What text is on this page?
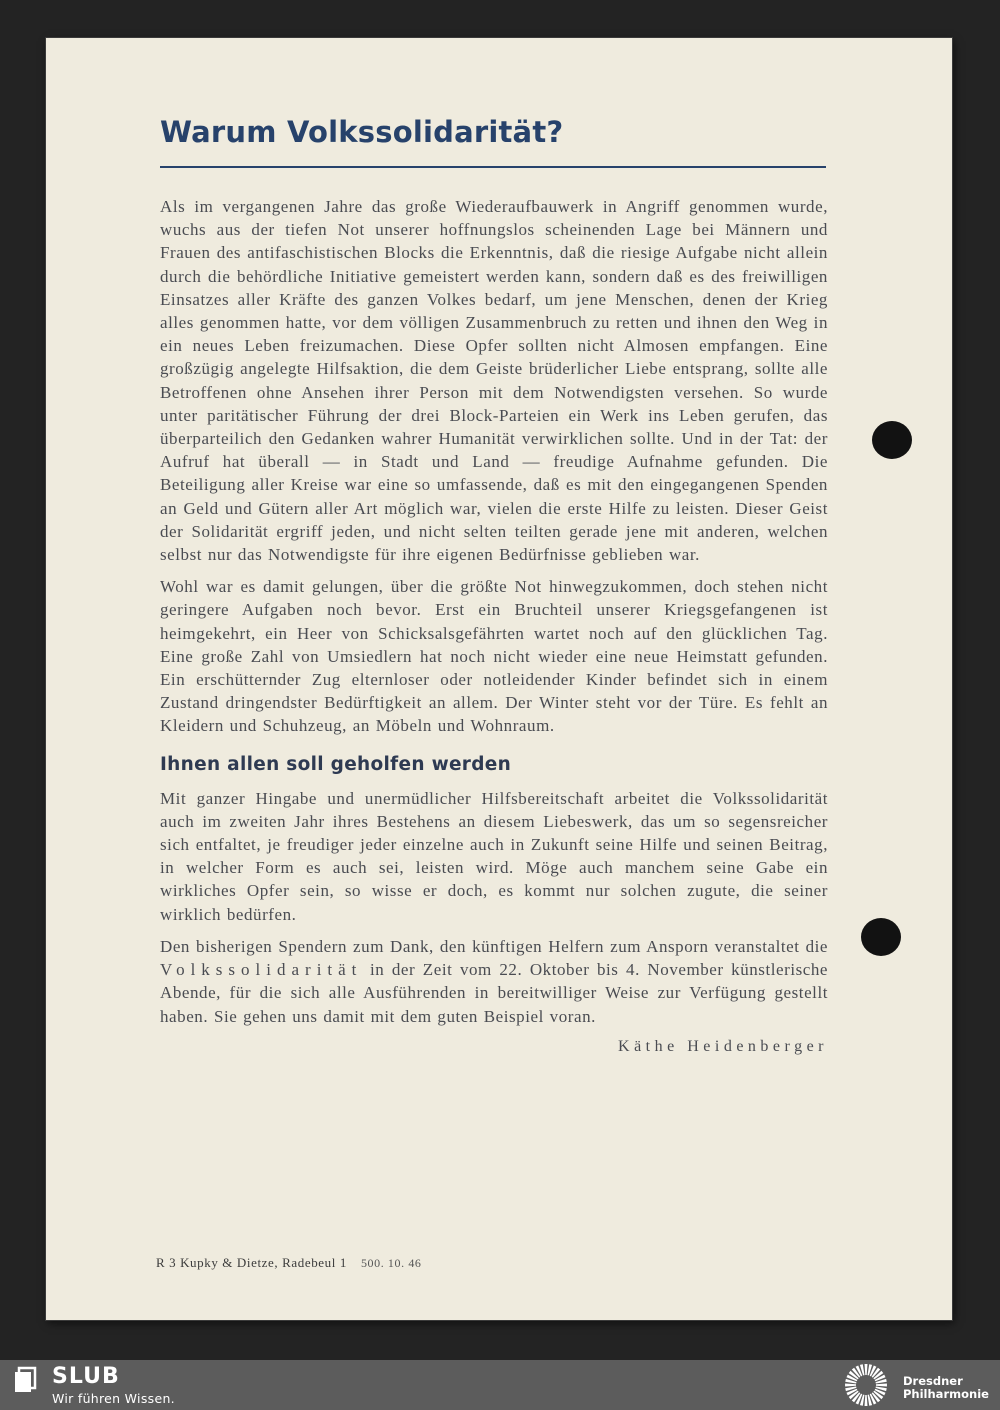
Warum Volkssolidarität?

Als im vergangenen Jahre das große Wiederaufbauwerk in Angriff genommen wurde, wuchs aus der tiefen Not unserer hoffnungslos scheinenden Lage bei Männern und Frauen des antifaschistischen Blocks die Erkenntnis, daß die riesige Aufgabe nicht allein durch die behördliche Initiative gemeistert werden kann, sondern daß es des freiwilligen Einsatzes aller Kräfte des ganzen Volkes bedarf, um jene Menschen, denen der Krieg alles genommen hatte, vor dem völligen Zusammenbruch zu retten und ihnen den Weg in ein neues Leben freizumachen. Diese Opfer sollten nicht Almosen empfangen. Eine großzügig angelegte Hilfsaktion, die dem Geiste brüderlicher Liebe entsprang, sollte alle Betroffenen ohne Ansehen ihrer Person mit dem Notwendigsten versehen. So wurde unter paritätischer Führung der drei Block-Parteien ein Werk ins Leben gerufen, das überparteilich den Gedanken wahrer Humanität verwirklichen sollte. Und in der Tat: der Aufruf hat überall — in Stadt und Land — freudige Aufnahme gefunden. Die Beteiligung aller Kreise war eine so umfassende, daß es mit den eingegangenen Spenden an Geld und Gütern aller Art möglich war, vielen die erste Hilfe zu leisten. Dieser Geist der Solidarität ergriff jeden, und nicht selten teilten gerade jene mit anderen, welchen selbst nur das Notwendigste für ihre eigenen Bedürfnisse geblieben war.

Wohl war es damit gelungen, über die größte Not hinwegzukommen, doch stehen nicht geringere Aufgaben noch bevor. Erst ein Bruchteil unserer Kriegsgefangenen ist heimgekehrt, ein Heer von Schicksalsgefährten wartet noch auf den glücklichen Tag. Eine große Zahl von Umsiedlern hat noch nicht wieder eine neue Heimstatt gefunden. Ein erschütternder Zug elternloser oder notleidender Kinder befindet sich in einem Zustand dringendster Bedürftigkeit an allem. Der Winter steht vor der Türe. Es fehlt an Kleidern und Schuhzeug, an Möbeln und Wohnraum.

Ihnen allen soll geholfen werden

Mit ganzer Hingabe und unermüdlicher Hilfsbereitschaft arbeitet die Volkssolidarität auch im zweiten Jahr ihres Bestehens an diesem Liebeswerk, das um so segensreicher sich entfaltet, je freudiger jeder einzelne auch in Zukunft seine Hilfe und seinen Beitrag, in welcher Form es auch sei, leisten wird. Möge auch manchem seine Gabe ein wirkliches Opfer sein, so wisse er doch, es kommt nur solchen zugute, die seiner wirklich bedürfen.

Den bisherigen Spendern zum Dank, den künftigen Helfern zum Ansporn veranstaltet die Volkssolidarität in der Zeit vom 22. Oktober bis 4. November künstlerische Abende, für die sich alle Ausführenden in bereitwilliger Weise zur Verfügung gestellt haben. Sie gehen uns damit mit dem guten Beispiel voran.

Käthe Heidenberger
R 3 Kupky & Dietze, Radebeul 1 500. 10. 46
SLUB
Wir führen Wissen.
Dresdner
Philharmonie
